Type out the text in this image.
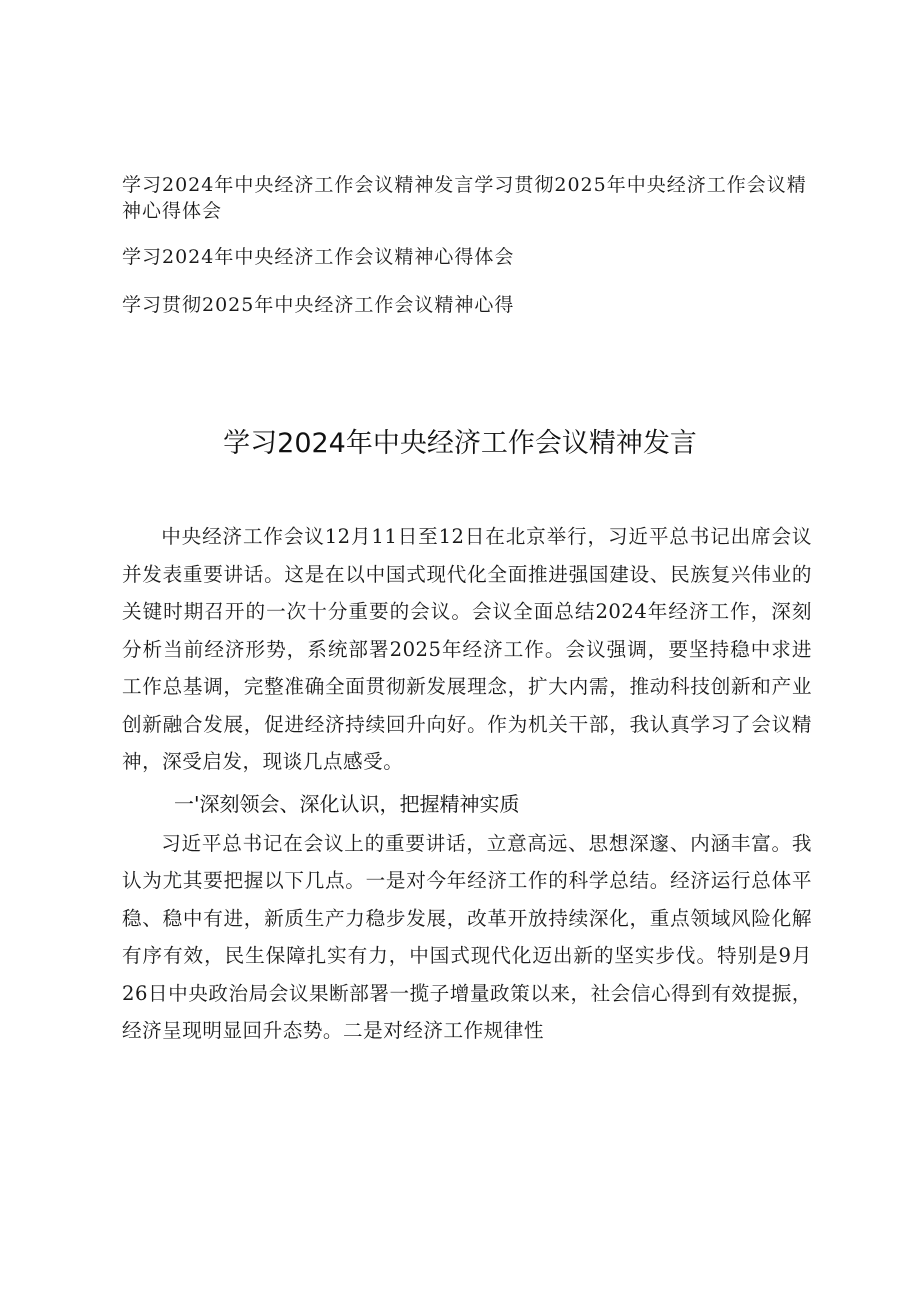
学习2024年中央经济工作会议精神发言学习贯彻2025年中央经济工作会议精神心得体会
学习2024年中央经济工作会议精神心得体会
学习贯彻2025年中央经济工作会议精神心得
学习2024年中央经济工作会议精神发言

中央经济工作会议12月11日至12日在北京举行，习近平总书记出席会议并发表重要讲话。这是在以中国式现代化全面推进强国建设、民族复兴伟业的关键时期召开的一次十分重要的会议。会议全面总结2024年经济工作，深刻分析当前经济形势，系统部署2025年经济工作。会议强调，要坚持稳中求进工作总基调，完整准确全面贯彻新发展理念，扩大内需，推动科技创新和产业创新融合发展，促进经济持续回升向好。作为机关干部，我认真学习了会议精神，深受启发，现谈几点感受。

一'深刻领会、深化认识，把握精神实质

习近平总书记在会议上的重要讲话，立意高远、思想深邃、内涵丰富。我认为尤其要把握以下几点。一是对今年经济工作的科学总结。经济运行总体平稳、稳中有进，新质生产力稳步发展，改革开放持续深化，重点领域风险化解有序有效，民生保障扎实有力，中国式现代化迈出新的坚实步伐。特别是9月26日中央政治局会议果断部署一揽子增量政策以来，社会信心得到有效提振，经济呈现明显回升态势。二是对经济工作规律性
